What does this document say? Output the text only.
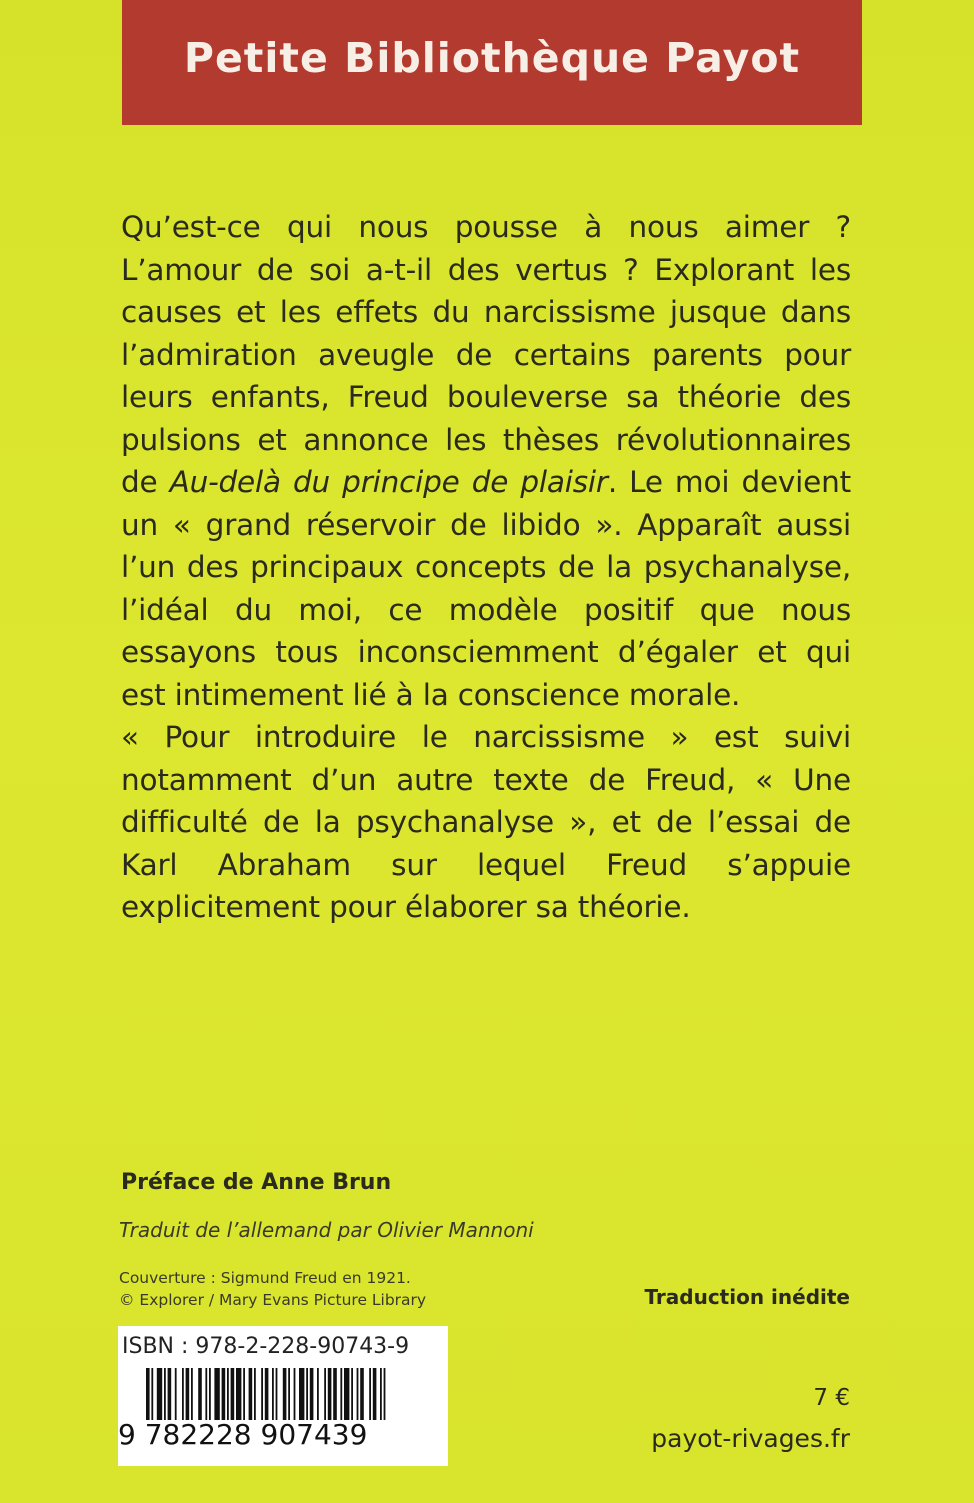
Petite Bibliothèque Payot

Qu’est-ce qui nous pousse à nous aimer ? L’amour de soi a-t-il des vertus ? Explorant les causes et les effets du narcissisme jusque dans l’admiration aveugle de certains parents pour leurs enfants, Freud bouleverse sa théorie des pulsions et annonce les thèses révolutionnaires de Au-delà du principe de plaisir. Le moi devient un « grand réservoir de libido ». Apparaît aussi l’un des principaux concepts de la psychanalyse, l’idéal du moi, ce modèle positif que nous essayons tous inconsciemment d’égaler et qui est intimement lié à la conscience morale.

« Pour introduire le narcissisme » est suivi notamment d’un autre texte de Freud, « Une difficulté de la psychanalyse », et de l’essai de Karl Abraham sur lequel Freud s’appuie explicitement pour élaborer sa théorie.

Préface de Anne Brun
Traduit de l’allemand par Olivier Mannoni
Couverture : Sigmund Freud en 1921.
© Explorer / Mary Evans Picture Library	Traduction inédite
ISBN : 978-2-228-90743-9
9 782228 907439
7 €
payot-rivages.fr
